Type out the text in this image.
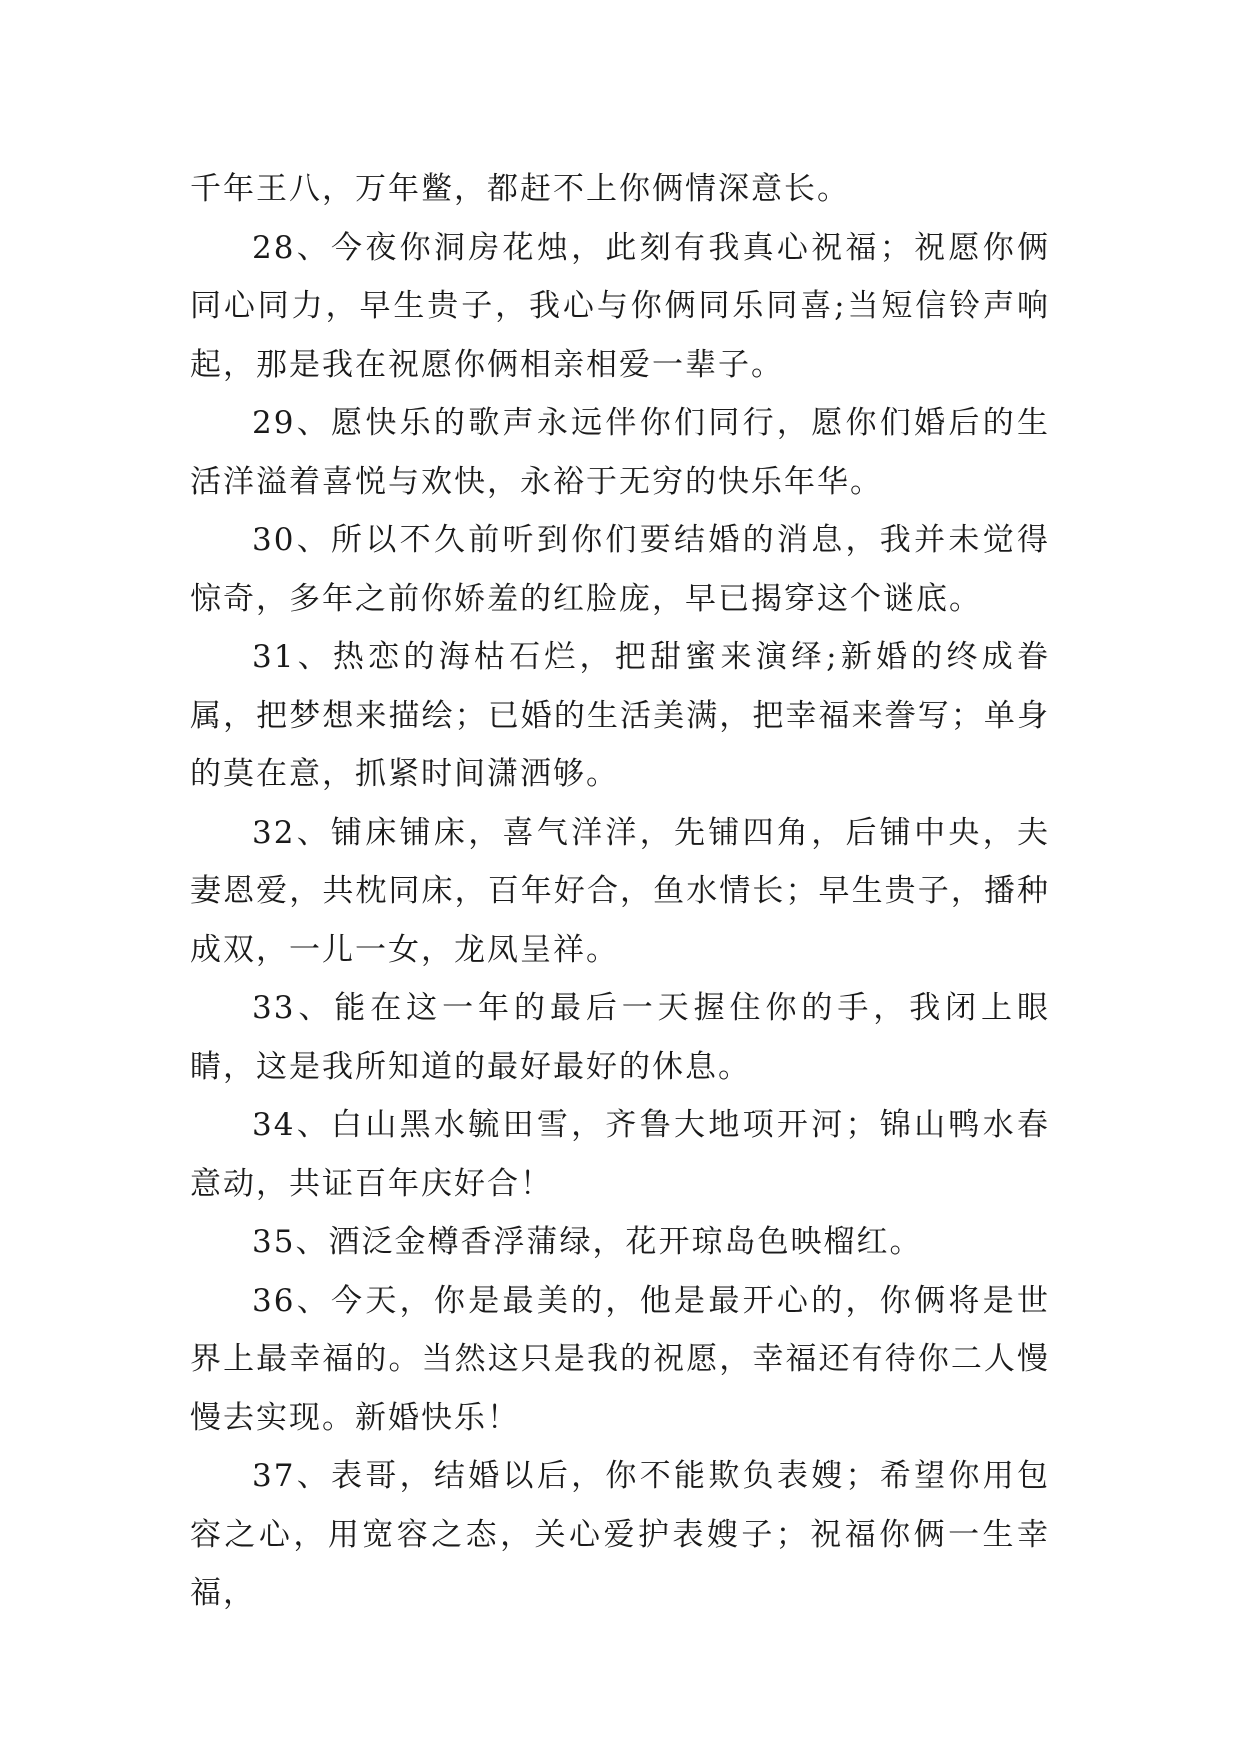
千年王八，万年鳖，都赶不上你俩情深意长。

28、今夜你洞房花烛，此刻有我真心祝福；祝愿你俩同心同力，早生贵子，我心与你俩同乐同喜;当短信铃声响起，那是我在祝愿你俩相亲相爱一辈子。

29、愿快乐的歌声永远伴你们同行，愿你们婚后的生活洋溢着喜悦与欢快，永裕于无穷的快乐年华。

30、所以不久前听到你们要结婚的消息，我并未觉得惊奇，多年之前你娇羞的红脸庞，早已揭穿这个谜底。

31、热恋的海枯石烂，把甜蜜来演绎;新婚的终成眷属，把梦想来描绘；已婚的生活美满，把幸福来誊写；单身的莫在意，抓紧时间潇洒够。

32、铺床铺床，喜气洋洋，先铺四角，后铺中央，夫妻恩爱，共枕同床，百年好合，鱼水情长；早生贵子，播种成双，一儿一女，龙凤呈祥。

33、能在这一年的最后一天握住你的手，我闭上眼睛，这是我所知道的最好最好的休息。

34、白山黑水毓田雪，齐鲁大地项开河；锦山鸭水春意动，共证百年庆好合！

35、酒泛金樽香浮蒲绿，花开琼岛色映榴红。

36、今天，你是最美的，他是最开心的，你俩将是世界上最幸福的。当然这只是我的祝愿，幸福还有待你二人慢慢去实现。新婚快乐！

37、表哥，结婚以后，你不能欺负表嫂；希望你用包容之心，用宽容之态，关心爱护表嫂子；祝福你俩一生幸福，
